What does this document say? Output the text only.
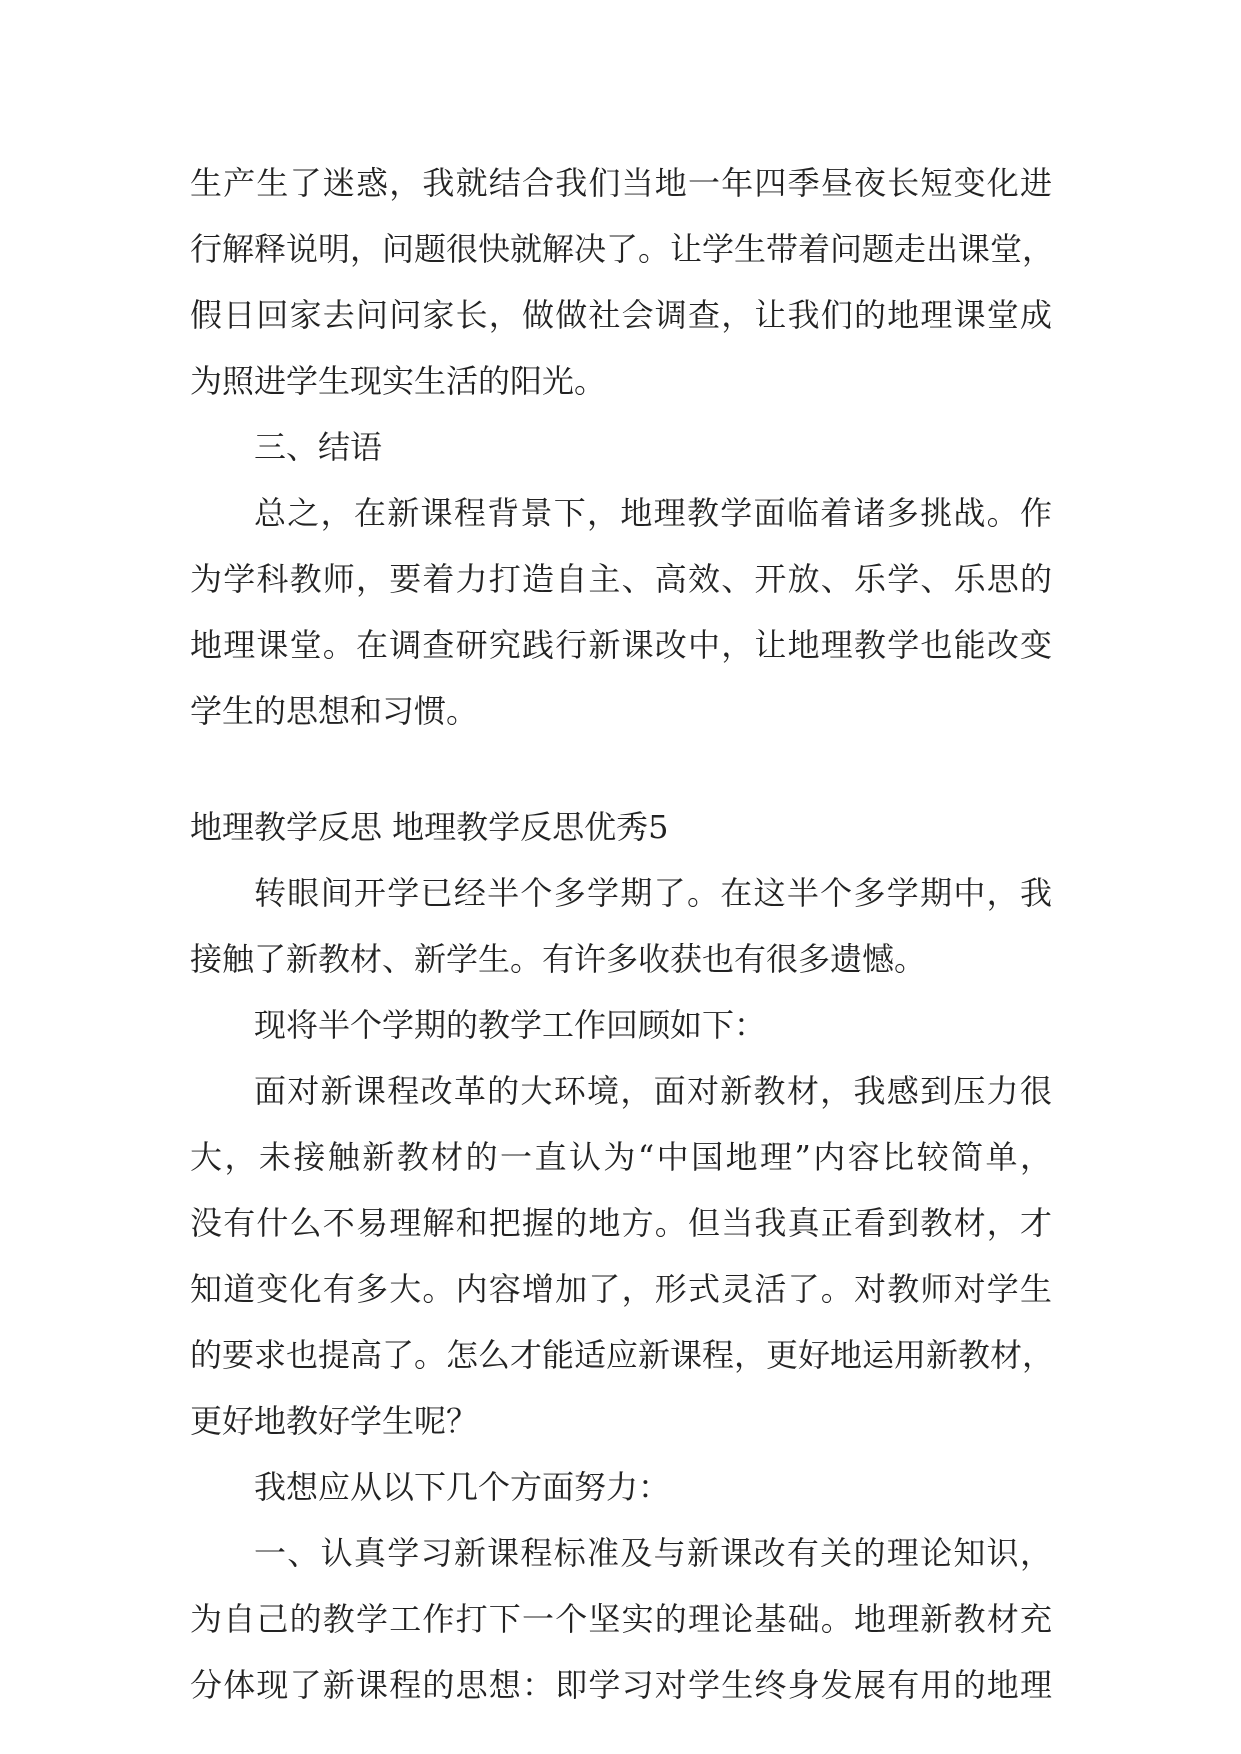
生产生了迷惑，我就结合我们当地一年四季昼夜长短变化进
行解释说明，问题很快就解决了。让学生带着问题走出课堂，
假日回家去问问家长，做做社会调查，让我们的地理课堂成
为照进学生现实生活的阳光。
三、结语
总之，在新课程背景下，地理教学面临着诸多挑战。作
为学科教师，要着力打造自主、高效、开放、乐学、乐思的
地理课堂。在调查研究践行新课改中，让地理教学也能改变
学生的思想和习惯。
地理教学反思 地理教学反思优秀5
转眼间开学已经半个多学期了。在这半个多学期中，我
接触了新教材、新学生。有许多收获也有很多遗憾。
现将半个学期的教学工作回顾如下：
面对新课程改革的大环境，面对新教材，我感到压力很
大，未接触新教材的一直认为“中国地理”内容比较简单，
没有什么不易理解和把握的地方。但当我真正看到教材，才
知道变化有多大。内容增加了，形式灵活了。对教师对学生
的要求也提高了。怎么才能适应新课程，更好地运用新教材，
更好地教好学生呢？
我想应从以下几个方面努力：
一、认真学习新课程标准及与新课改有关的理论知识，
为自己的教学工作打下一个坚实的理论基础。地理新教材充
分体现了新课程的思想：即学习对学生终身发展有用的地理
